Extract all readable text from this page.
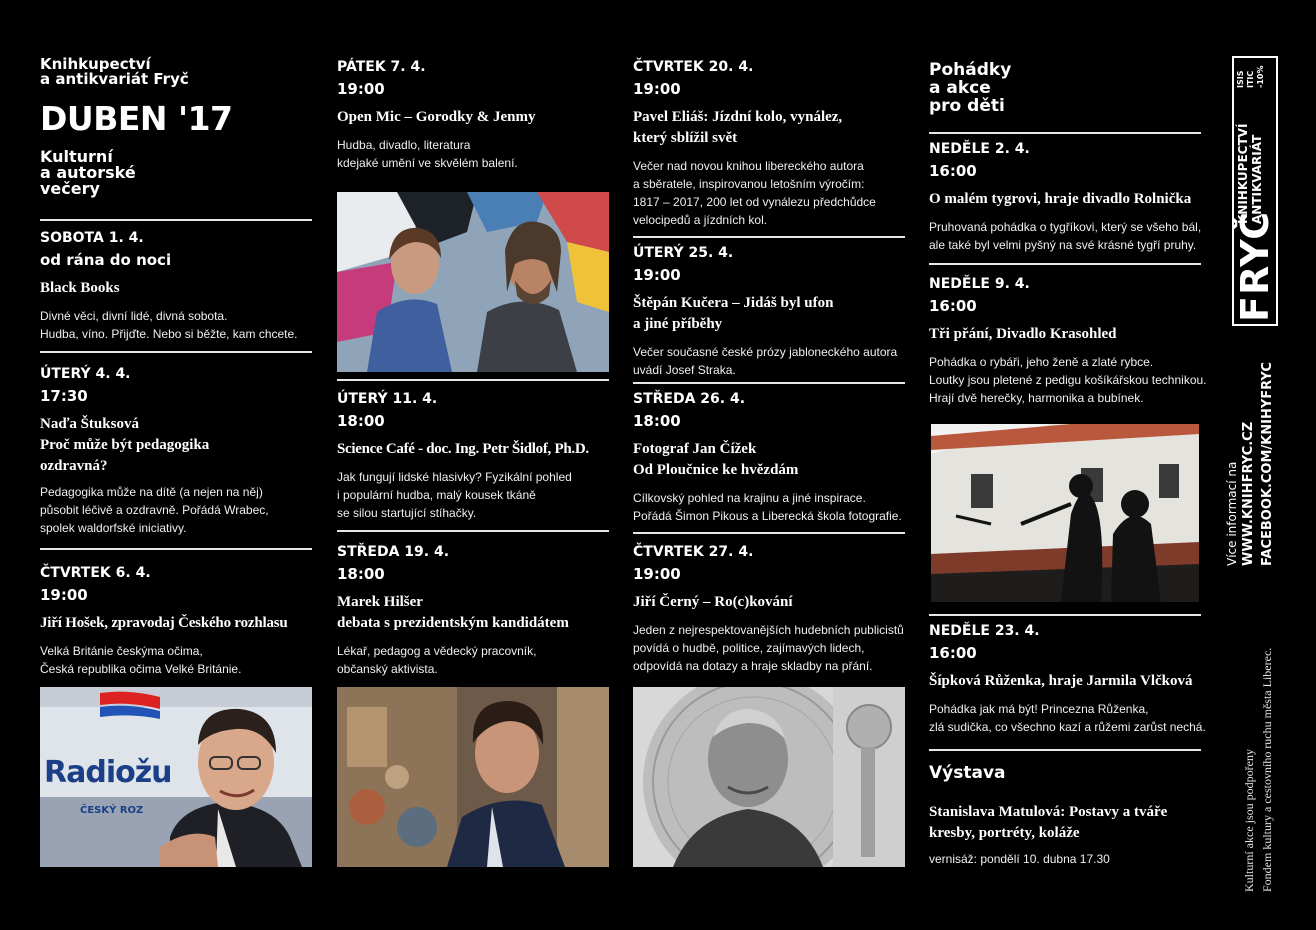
Knihkupectví
a antikvariát Fryč
DUBEN '17
Kulturní
a autorské
večery
SOBOTA 1. 4.
od rána do noci
Black Books
Divné věci, divní lidé, divná sobota.
Hudba, víno. Přijďte. Nebo si běžte, kam chcete.
ÚTERÝ 4. 4.
17:30
Naďa Štuksová
Proč může být pedagogika
ozdravná?
Pedagogika může na dítě (a nejen na něj)
působit léčivě a ozdravně. Pořádá Wrabec,
spolek waldorfské iniciativy.
ČTVRTEK 6. 4.
19:00
Jiří Hošek, zpravodaj Českého rozhlasu
Velká Británie českýma očima,
Česká republika očima Velké Británie.
Radiožu
ČESKÝ ROZ
PÁTEK 7. 4.
19:00
Open Mic – Gorodky & Jenmy
Hudba, divadlo, literatura
kdejaké umění ve skvělém balení.
ÚTERÝ 11. 4.
18:00
Science Café - doc. Ing. Petr Šidlof, Ph.D.
Jak fungují lidské hlasivky? Fyzikální pohled
i populární hudba, malý kousek tkáně
se silou startující stíhačky.
STŘEDA 19. 4.
18:00
Marek Hilšer
debata s prezidentským kandidátem
Lékař, pedagog a vědecký pracovník,
občanský aktivista.
ČTVRTEK 20. 4.
19:00
Pavel Eliáš: Jízdní kolo, vynález,
který sblížil svět
Večer nad novou knihou libereckého autora
a sběratele, inspirovanou letošním výročím:
1817 – 2017, 200 let od vynálezu předchůdce
velocipedů a jízdních kol.
ÚTERÝ 25. 4.
19:00
Štěpán Kučera – Jidáš byl ufon
a jiné příběhy
Večer současné české prózy jabloneckého autora
uvádí Josef Straka.
STŘEDA 26. 4.
18:00
Fotograf Jan Čížek
Od Ploučnice ke hvězdám
Cílkovský pohled na krajinu a jiné inspirace.
Pořádá Šimon Pikous a Liberecká škola fotografie.
ČTVRTEK 27. 4.
19:00
Jiří Černý – Ro(c)kování
Jeden z nejrespektovanějších hudebních publicistů
povídá o hudbě, politice, zajímavých lidech,
odpovídá na dotazy a hraje skladby na přání.
Pohádky
a akce
pro děti
NEDĚLE 2. 4.
16:00
O malém tygrovi, hraje divadlo Rolnička
Pruhovaná pohádka o tygříkovi, který se všeho bál,
ale také byl velmi pyšný na své krásné tygří pruhy.
NEDĚLE 9. 4.
16:00
Tři přání, Divadlo Krasohled
Pohádka o rybáři, jeho ženě a zlaté rybce.
Loutky jsou pletené z pedigu košíkářskou technikou.
Hrají dvě herečky, harmonika a bubínek.
NEDĚLE 23. 4.
16:00
Šípková Růženka, hraje Jarmila Vlčková
Pohádka jak má být! Princezna Růženka,
zlá sudička, co všechno kazí a růžemi zarůst nechá.
Výstava
Stanislava Matulová: Postavy a tváře
kresby, portréty, koláže
vernisáž: pondělí 10. dubna 17.30
FRYČ
KNIHKUPECTVÍ ANTIKVARIÁT
ISIS ITIC -10%
Více informací na WWW.KNIHFRYC.CZ FACEBOOK.COM/KNIHYFRYC
Kulturní akce jsou podpořeny Fondem kultury a cestovního ruchu města Liberec.
